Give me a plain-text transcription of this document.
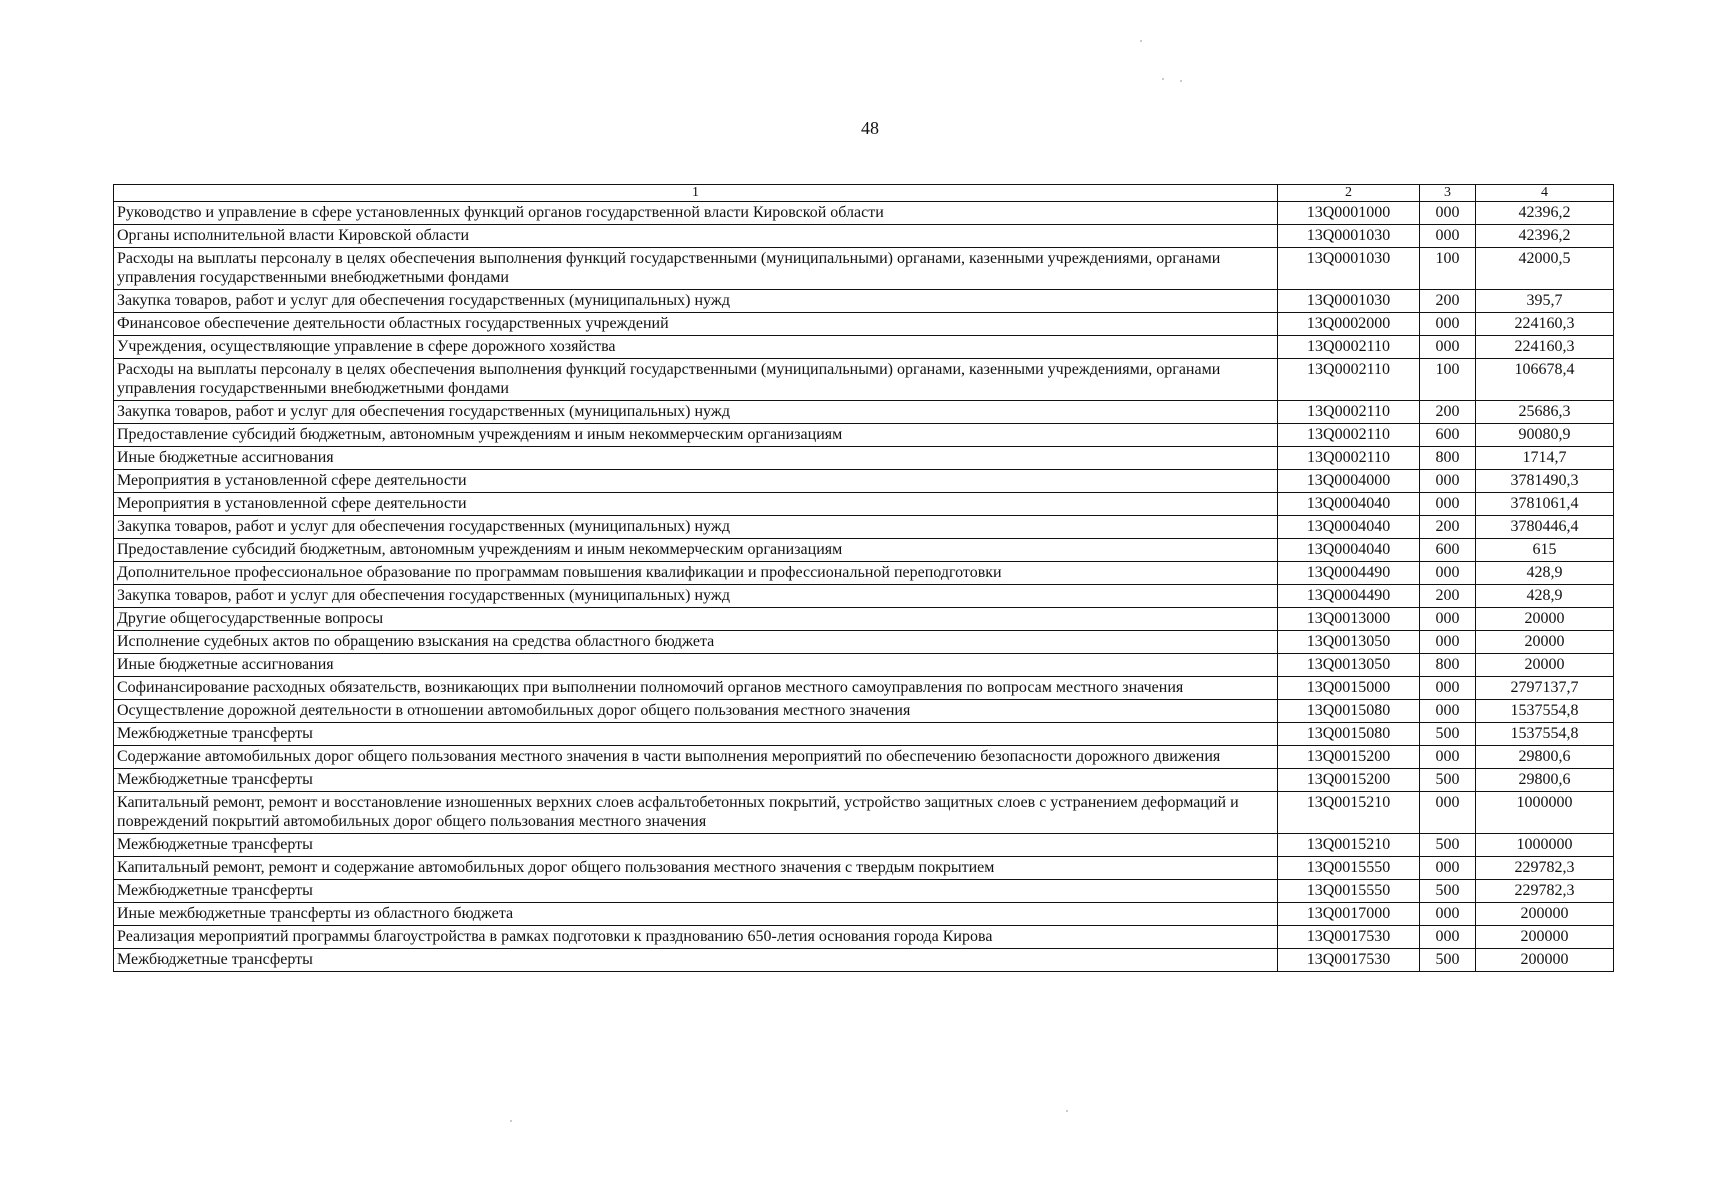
48
1	2	3	4
Руководство и управление в сфере установленных функций органов государственной власти Кировской области	13Q0001000	000	42396,2
Органы исполнительной власти Кировской области	13Q0001030	000	42396,2
Расходы на выплаты персоналу в целях обеспечения выполнения функций государственными (муниципальными) органами, казенными учреждениями, органами управления государственными внебюджетными фондами	13Q0001030	100	42000,5
Закупка товаров, работ и услуг для обеспечения государственных (муниципальных) нужд	13Q0001030	200	395,7
Финансовое обеспечение деятельности областных государственных учреждений	13Q0002000	000	224160,3
Учреждения, осуществляющие управление в сфере дорожного хозяйства	13Q0002110	000	224160,3
Расходы на выплаты персоналу в целях обеспечения выполнения функций государственными (муниципальными) органами, казенными учреждениями, органами управления государственными внебюджетными фондами	13Q0002110	100	106678,4
Закупка товаров, работ и услуг для обеспечения государственных (муниципальных) нужд	13Q0002110	200	25686,3
Предоставление субсидий бюджетным, автономным учреждениям и иным некоммерческим организациям	13Q0002110	600	90080,9
Иные бюджетные ассигнования	13Q0002110	800	1714,7
Мероприятия в установленной сфере деятельности	13Q0004000	000	3781490,3
Мероприятия в установленной сфере деятельности	13Q0004040	000	3781061,4
Закупка товаров, работ и услуг для обеспечения государственных (муниципальных) нужд	13Q0004040	200	3780446,4
Предоставление субсидий бюджетным, автономным учреждениям и иным некоммерческим организациям	13Q0004040	600	615
Дополнительное профессиональное образование по программам повышения квалификации и профессиональной переподготовки	13Q0004490	000	428,9
Закупка товаров, работ и услуг для обеспечения государственных (муниципальных) нужд	13Q0004490	200	428,9
Другие общегосударственные вопросы	13Q0013000	000	20000
Исполнение судебных актов по обращению взыскания на средства областного бюджета	13Q0013050	000	20000
Иные бюджетные ассигнования	13Q0013050	800	20000
Софинансирование расходных обязательств, возникающих при выполнении полномочий органов местного самоуправления по вопросам местного значения	13Q0015000	000	2797137,7
Осуществление дорожной деятельности в отношении автомобильных дорог общего пользования местного значения	13Q0015080	000	1537554,8
Межбюджетные трансферты	13Q0015080	500	1537554,8
Содержание автомобильных дорог общего пользования местного значения в части выполнения мероприятий по обеспечению безопасности дорожного движения	13Q0015200	000	29800,6
Межбюджетные трансферты	13Q0015200	500	29800,6
Капитальный ремонт, ремонт и восстановление изношенных верхних слоев асфальтобетонных покрытий, устройство защитных слоев с устранением деформаций и повреждений покрытий автомобильных дорог общего пользования местного значения	13Q0015210	000	1000000
Межбюджетные трансферты	13Q0015210	500	1000000
Капитальный ремонт, ремонт и содержание автомобильных дорог общего пользования местного значения с твердым покрытием	13Q0015550	000	229782,3
Межбюджетные трансферты	13Q0015550	500	229782,3
Иные межбюджетные трансферты из областного бюджета	13Q0017000	000	200000
Реализация мероприятий программы благоустройства в рамках подготовки к празднованию 650-летия основания города Кирова	13Q0017530	000	200000
Межбюджетные трансферты	13Q0017530	500	200000
